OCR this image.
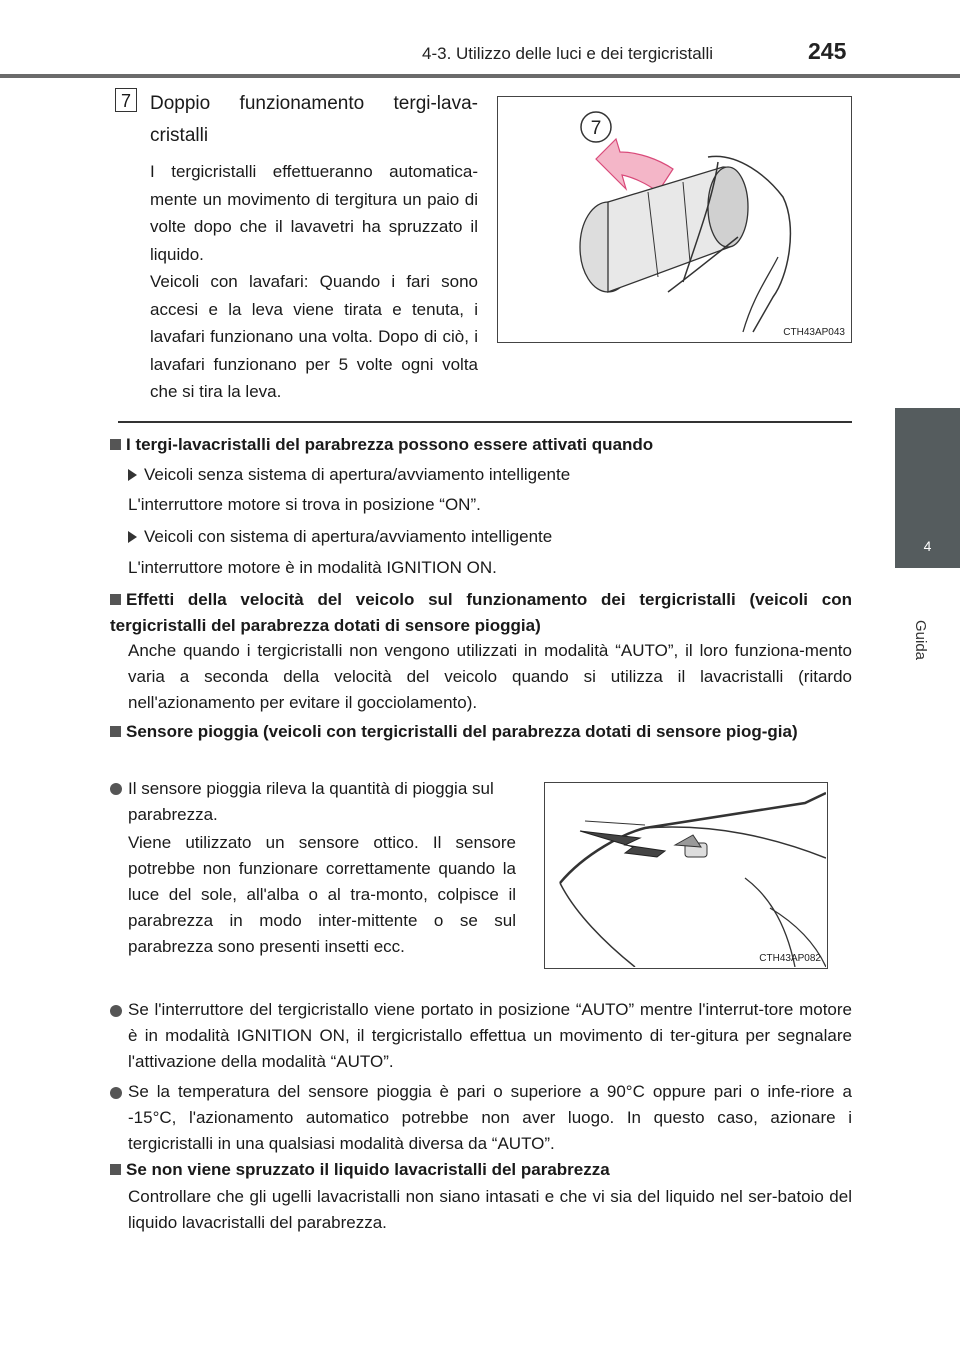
4-3. Utilizzo delle luci e dei tergicristalli	245
4
Guida
7	Doppio funzionamento tergi-lava-cristalli
I tergicristalli effettueranno automatica-mente un movimento di tergitura un paio di volte dopo che il lavavetri ha spruzzato il liquido.
Veicoli con lavafari: Quando i fari sono accesi e la leva viene tirata e tenuta, i lavafari funzionano una volta. Dopo di ciò, i lavafari funzionano per 5 volte ogni volta che si tira la leva.
7
CTH43AP043
I tergi-lavacristalli del parabrezza possono essere attivati quando
Veicoli senza sistema di apertura/avviamento intelligente
L'interruttore motore si trova in posizione “ON”.
Veicoli con sistema di apertura/avviamento intelligente
L'interruttore motore è in modalità IGNITION ON.
Effetti della velocità del veicolo sul funzionamento dei tergicristalli (veicoli con tergicristalli del parabrezza dotati di sensore pioggia)
Anche quando i tergicristalli non vengono utilizzati in modalità “AUTO”, il loro funziona-mento varia a seconda della velocità del veicolo quando si utilizza il lavacristalli (ritardo nell'azionamento per evitare il gocciolamento).
Sensore pioggia (veicoli con tergicristalli del parabrezza dotati di sensore piog-gia)
Il sensore pioggia rileva la quantità di pioggia sul parabrezza.
Viene utilizzato un sensore ottico. Il sensore potrebbe non funzionare correttamente quando la luce del sole, all'alba o al tra-monto, colpisce il parabrezza in modo inter-mittente o se sul parabrezza sono presenti insetti ecc.
CTH43AP082
Se l'interruttore del tergicristallo viene portato in posizione “AUTO” mentre l'interrut-tore motore è in modalità IGNITION ON, il tergicristallo effettua un movimento di ter-gitura per segnalare l'attivazione della modalità “AUTO”.
Se la temperatura del sensore pioggia è pari o superiore a 90°C oppure pari o infe-riore a -15°C, l'azionamento automatico potrebbe non aver luogo. In questo caso, azionare i tergicristalli in una qualsiasi modalità diversa da “AUTO”.
Se non viene spruzzato il liquido lavacristalli del parabrezza
Controllare che gli ugelli lavacristalli non siano intasati e che vi sia del liquido nel ser-batoio del liquido lavacristalli del parabrezza.
